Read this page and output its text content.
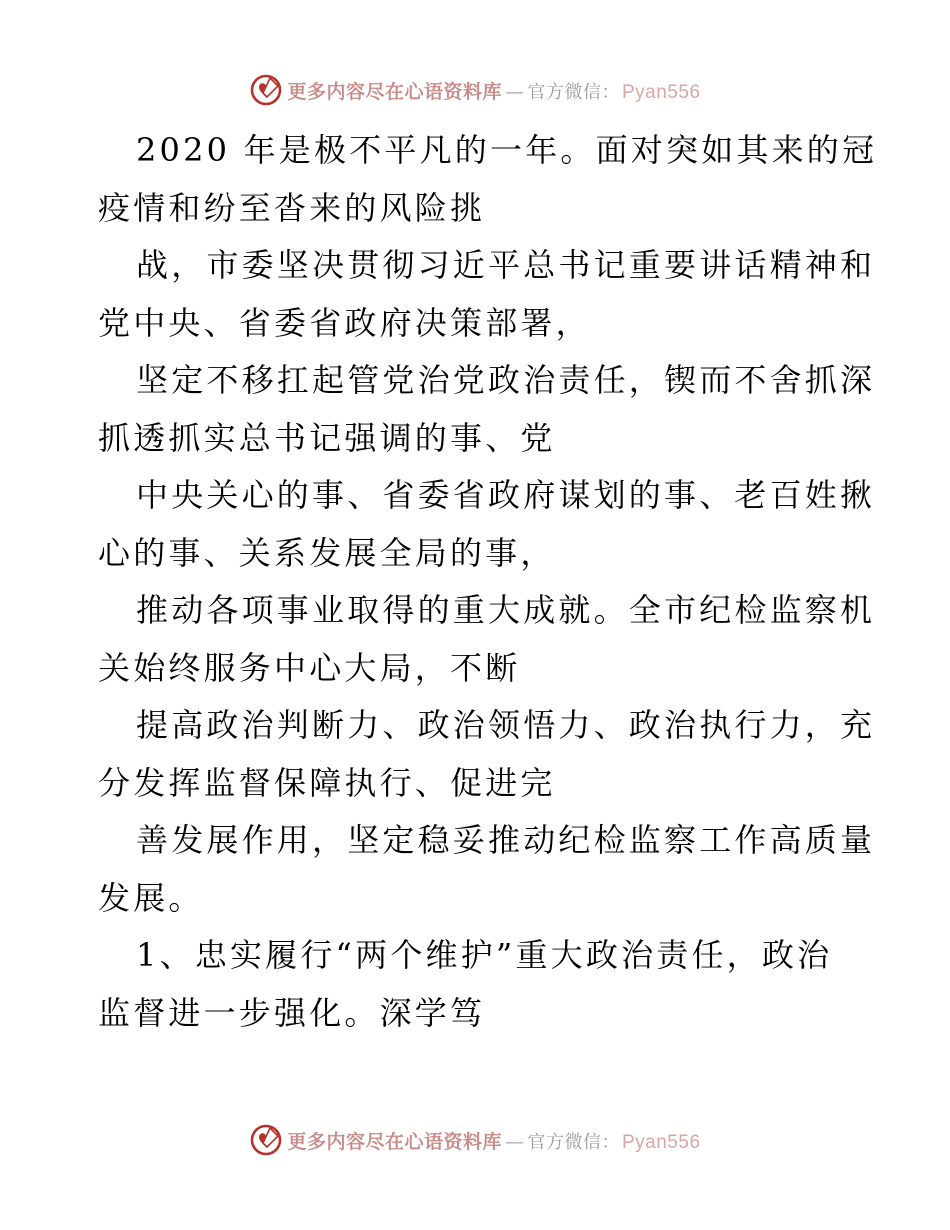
更多内容尽在心语资料库 — 官方微信： Pyan556

2020 年是极不平凡的一年。面对突如其来的冠

疫情和纷至沓来的风险挑

战，市委坚决贯彻习近平总书记重要讲话精神和

党中央、省委省政府决策部署，

坚定不移扛起管党治党政治责任，锲而不舍抓深

抓透抓实总书记强调的事、党

中央关心的事、省委省政府谋划的事、老百姓揪

心的事、关系发展全局的事，

推动各项事业取得的重大成就。全市纪检监察机

关始终服务中心大局，不断

提高政治判断力、政治领悟力、政治执行力，充

分发挥监督保障执行、促进完

善发展作用，坚定稳妥推动纪检监察工作高质量

发展。

1、忠实履行“两个维护”重大政治责任，政治

监督进一步强化。深学笃

更多内容尽在心语资料库 — 官方微信： Pyan556
